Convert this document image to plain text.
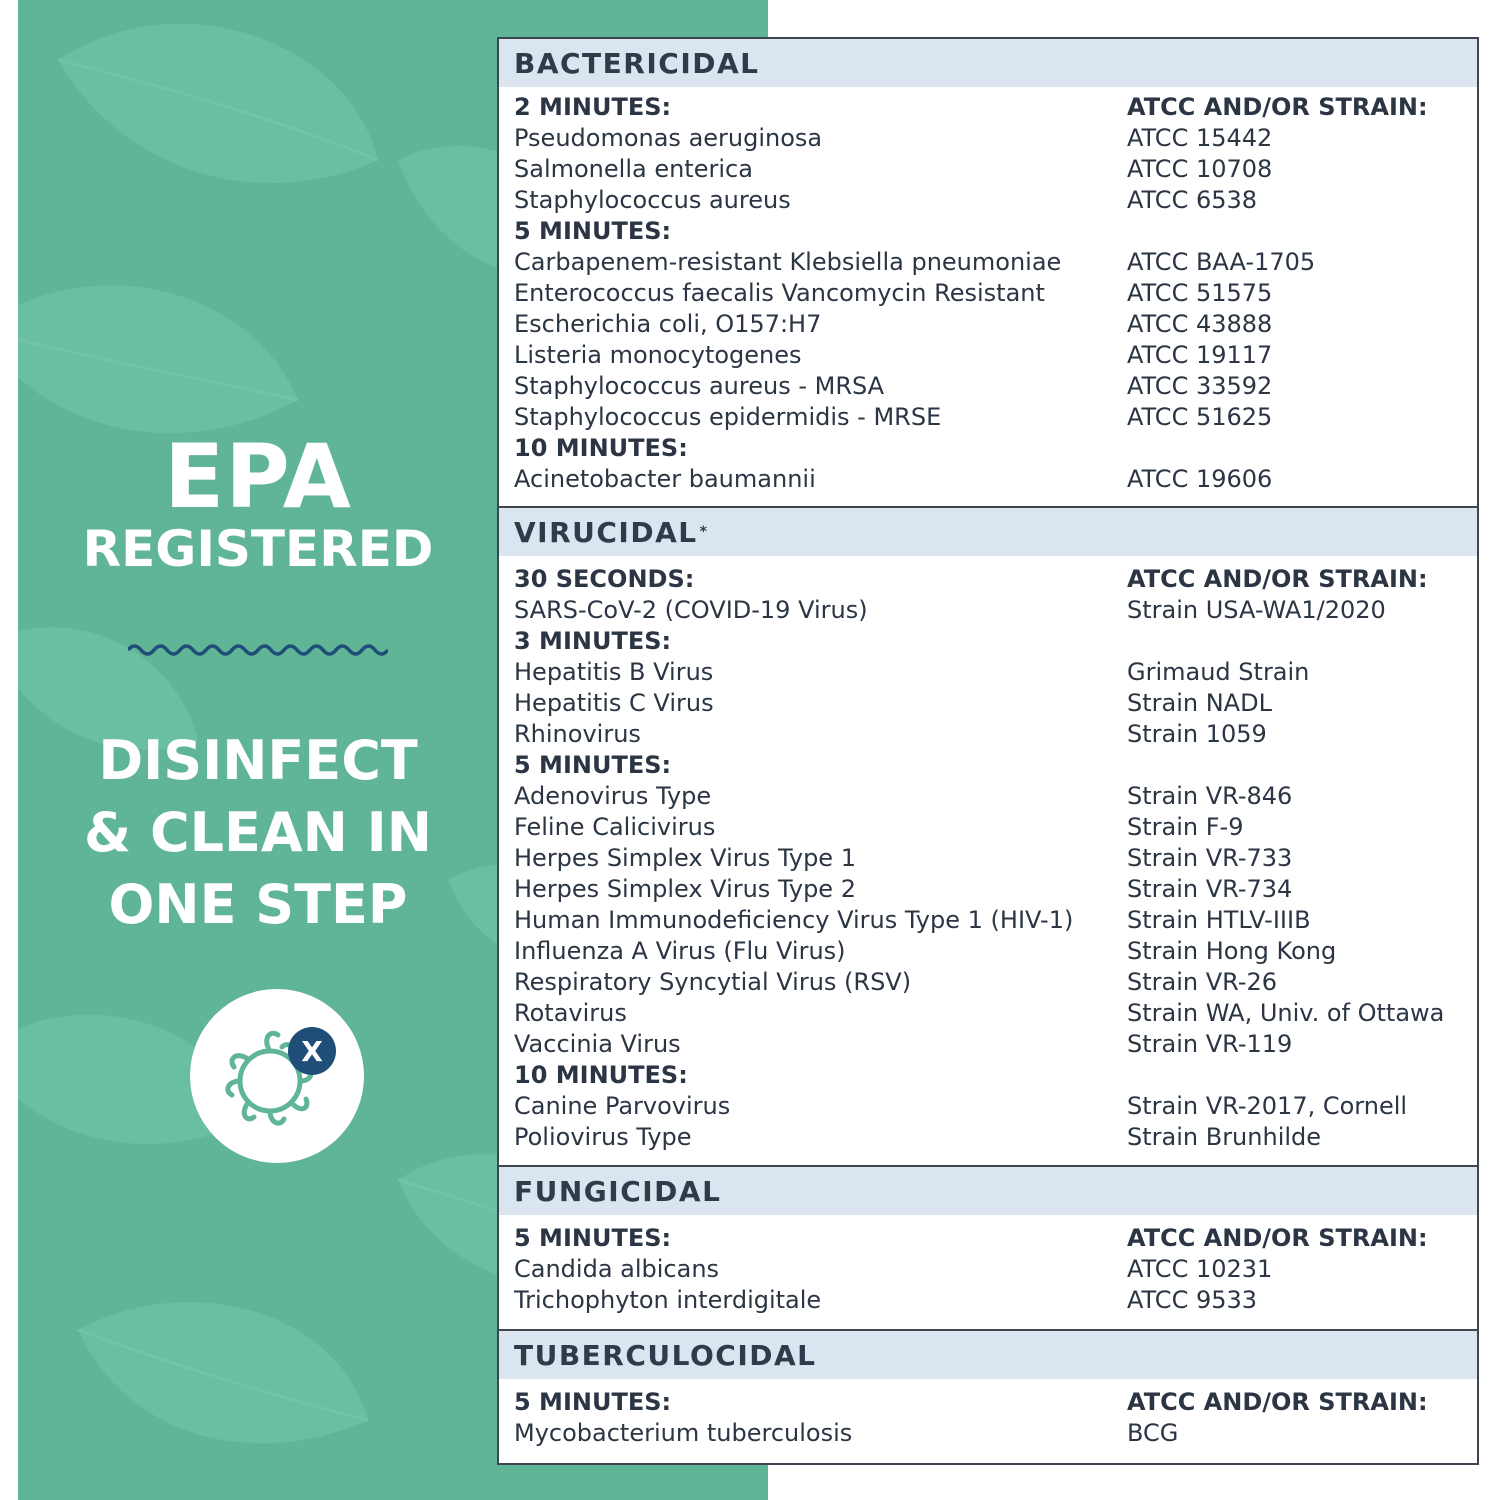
EPA
REGISTERED
DISINFECT
& CLEAN IN
ONE STEP
X
BACTERICIDAL
2 MINUTES:	ATCC AND/OR STRAIN:
Pseudomonas aeruginosa	ATCC 15442
Salmonella enterica	ATCC 10708
Staphylococcus aureus	ATCC 6538
5 MINUTES:
Carbapenem-resistant Klebsiella pneumoniae	ATCC BAA-1705
Enterococcus faecalis Vancomycin Resistant	ATCC 51575
Escherichia coli, O157:H7	ATCC 43888
Listeria monocytogenes	ATCC 19117
Staphylococcus aureus - MRSA	ATCC 33592
Staphylococcus epidermidis - MRSE	ATCC 51625
10 MINUTES:
Acinetobacter baumannii	ATCC 19606
VIRUCIDAL *
30 SECONDS:	ATCC AND/OR STRAIN:
SARS-CoV-2 (COVID-19 Virus)	Strain USA-WA1/2020
3 MINUTES:
Hepatitis B Virus	Grimaud Strain
Hepatitis C Virus	Strain NADL
Rhinovirus	Strain 1059
5 MINUTES:
Adenovirus Type	Strain VR-846
Feline Calicivirus	Strain F-9
Herpes Simplex Virus Type 1	Strain VR-733
Herpes Simplex Virus Type 2	Strain VR-734
Human Immunodeficiency Virus Type 1 (HIV-1) Strain HTLV-IIIB
Influenza A Virus (Flu Virus)	Strain Hong Kong
Respiratory Syncytial Virus (RSV)	Strain VR-26
Rotavirus	Strain WA, Univ. of Ottawa
Vaccinia Virus	Strain VR-119
10 MINUTES:
Canine Parvovirus	Strain VR-2017, Cornell
Poliovirus Type	Strain Brunhilde
FUNGICIDAL
5 MINUTES:	ATCC AND/OR STRAIN:
Candida albicans	ATCC 10231
Trichophyton interdigitale	ATCC 9533
TUBERCULOCIDAL
5 MINUTES:	ATCC AND/OR STRAIN:
Mycobacterium tuberculosis	BCG
